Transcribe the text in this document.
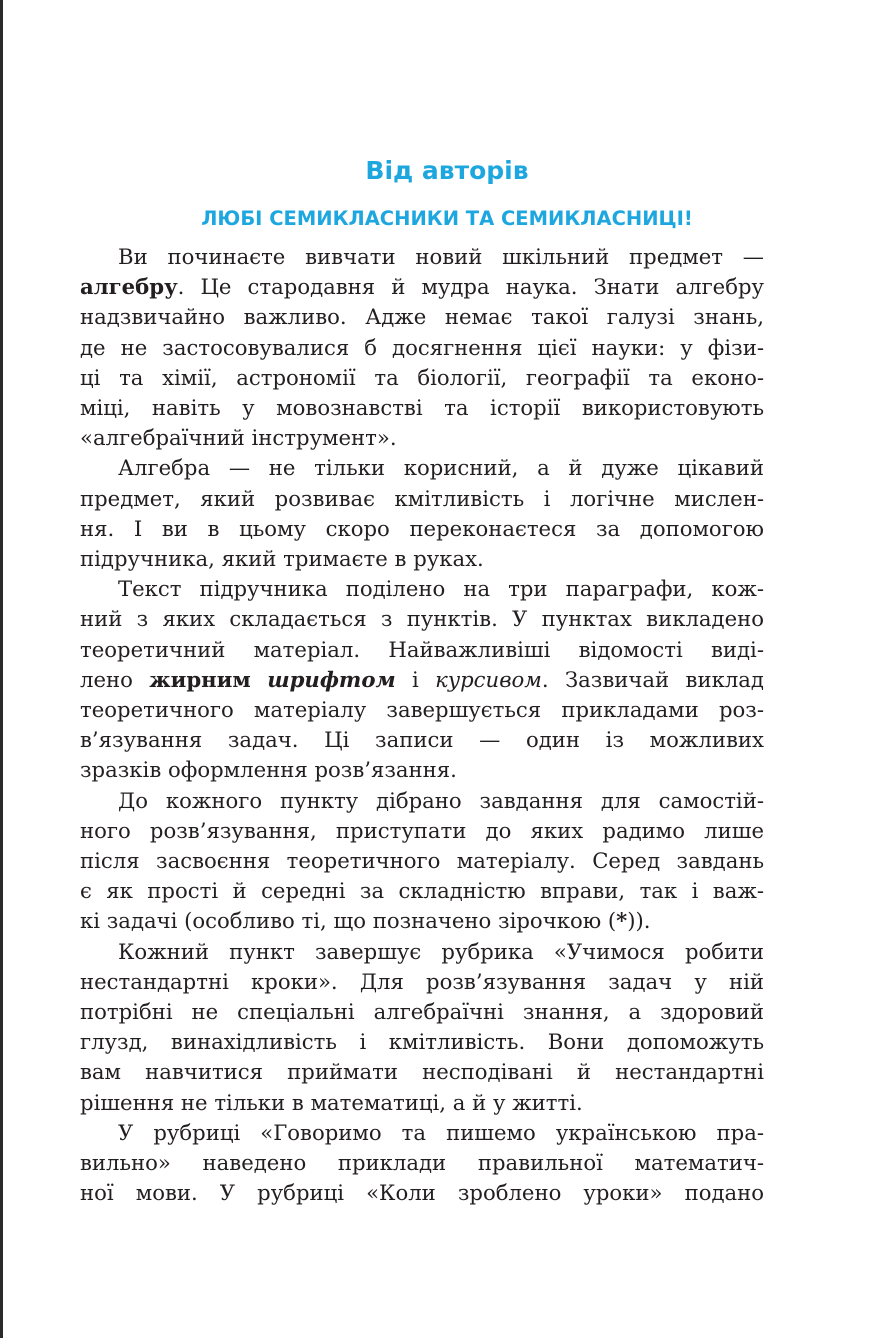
Від авторів
ЛЮБІ СЕМИКЛАСНИКИ ТА СЕМИКЛАСНИЦІ!
Ви починаєте вивчати новий шкільний предмет —
алгебру. Це стародавня й мудра наука. Знати алгебру
надзвичайно важливо. Адже немає такої галузі знань,
де не застосовувалися б досягнення цієї науки: у фізи-
ці та хімії, астрономії та біології, географії та еконо-
міці, навіть у мовознавстві та історії використовують
«алгебраїчний інструмент».
Алгебра — не тільки корисний, а й дуже цікавий
предмет, який розвиває кмітливість і логічне мислен-
ня. І ви в цьому скоро переконаєтеся за допомогою
підручника, який тримаєте в руках.
Текст підручника поділено на три параграфи, кож-
ний з яких складається з пунктів. У пунктах викладено
теоретичний матеріал. Найважливіші відомості виді-
лено жирним шрифтом і курсивом. Зазвичай виклад
теоретичного матеріалу завершується прикладами роз-
в’язування задач. Ці записи — один із можливих
зразків оформлення розв’язання.
До кожного пункту дібрано завдання для самостій-
ного розв’язування, приступати до яких радимо лише
після засвоєння теоретичного матеріалу. Серед завдань
є як прості й середні за складністю вправи, так і важ-
кі задачі (особливо ті, що позначено зірочкою (*)).
Кожний пункт завершує рубрика «Учимося робити
нестандартні кроки». Для розв’язування задач у ній
потрібні не спеціальні алгебраїчні знання, а здоровий
глузд, винахідливість і кмітливість. Вони допоможуть
вам навчитися приймати несподівані й нестандартні
рішення не тільки в математиці, а й у житті.
У рубриці «Говоримо та пишемо українською пра-
вильно» наведено приклади правильної математич-
ної мови. У рубриці «Коли зроблено уроки» подано
